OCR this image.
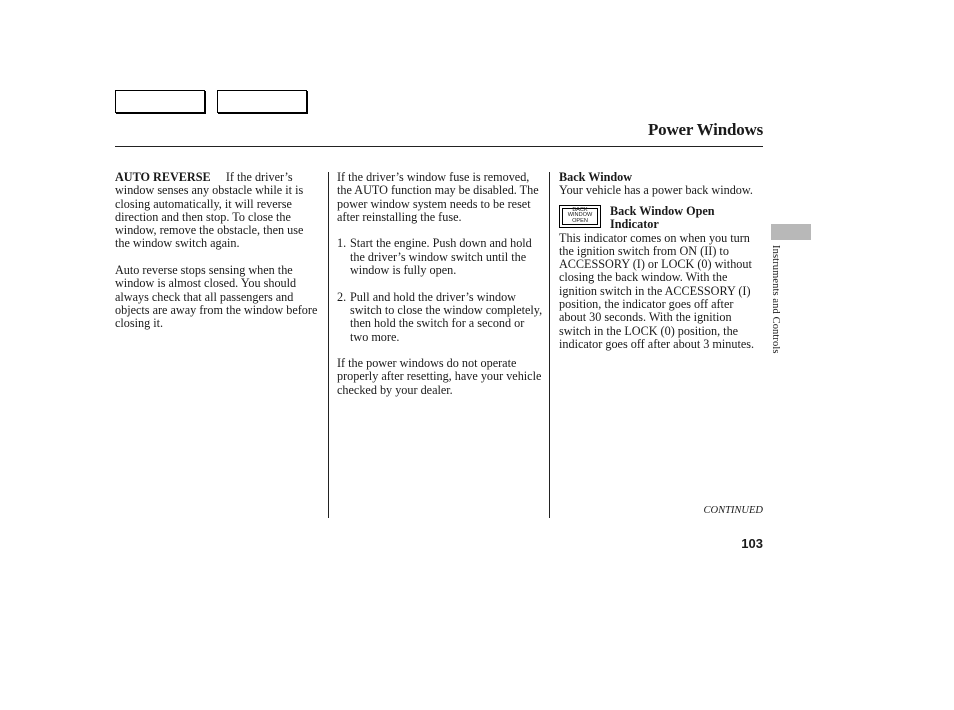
Power Windows

AUTO REVERSE If the driver’s window senses any obstacle while it is closing automatically, it will reverse direction and then stop. To close the window, remove the obstacle, then use the window switch again.

Auto reverse stops sensing when the window is almost closed. You should always check that all passengers and objects are away from the window before closing it.

If the driver’s window fuse is removed, the AUTO function may be disabled. The power window system needs to be reset after reinstalling the fuse.

1. Start the engine. Push down and hold the driver’s window switch until the window is fully open.
2. Pull and hold the driver’s window switch to close the window completely, then hold the switch for a second or two more.

If the power windows do not operate properly after resetting, have your vehicle checked by your dealer.

Back Window

Your vehicle has a power back window.

BACK
WINDOW
OPEN
Back Window Open
Indicator

This indicator comes on when you turn the ignition switch from ON (II) to ACCESSORY (I) or LOCK (0) without closing the back window. With the ignition switch in the ACCESSORY (I) position, the indicator goes off after about 30 seconds. With the ignition switch in the LOCK (0) position, the indicator goes off after about 3 minutes.	Instruments and Controls
CONTINUED
103
